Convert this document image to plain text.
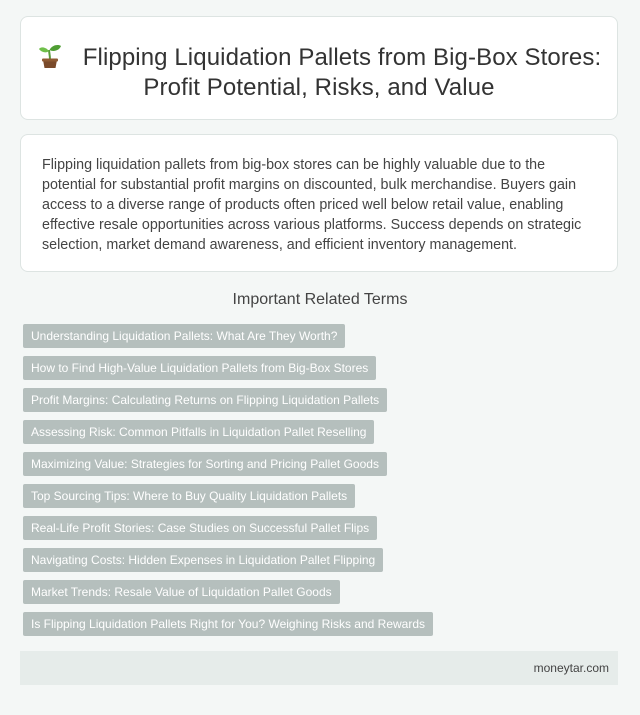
Flipping Liquidation Pallets from Big-Box Stores: Profit Potential, Risks, and Value

Flipping liquidation pallets from big-box stores can be highly valuable due to the potential for substantial profit margins on discounted, bulk merchandise. Buyers gain access to a diverse range of products often priced well below retail value, enabling effective resale opportunities across various platforms. Success depends on strategic selection, market demand awareness, and efficient inventory management.

Important Related Terms
Understanding Liquidation Pallets: What Are They Worth?
How to Find High-Value Liquidation Pallets from Big-Box Stores
Profit Margins: Calculating Returns on Flipping Liquidation Pallets
Assessing Risk: Common Pitfalls in Liquidation Pallet Reselling
Maximizing Value: Strategies for Sorting and Pricing Pallet Goods
Top Sourcing Tips: Where to Buy Quality Liquidation Pallets
Real-Life Profit Stories: Case Studies on Successful Pallet Flips
Navigating Costs: Hidden Expenses in Liquidation Pallet Flipping
Market Trends: Resale Value of Liquidation Pallet Goods
Is Flipping Liquidation Pallets Right for You? Weighing Risks and Rewards
moneytar.com
